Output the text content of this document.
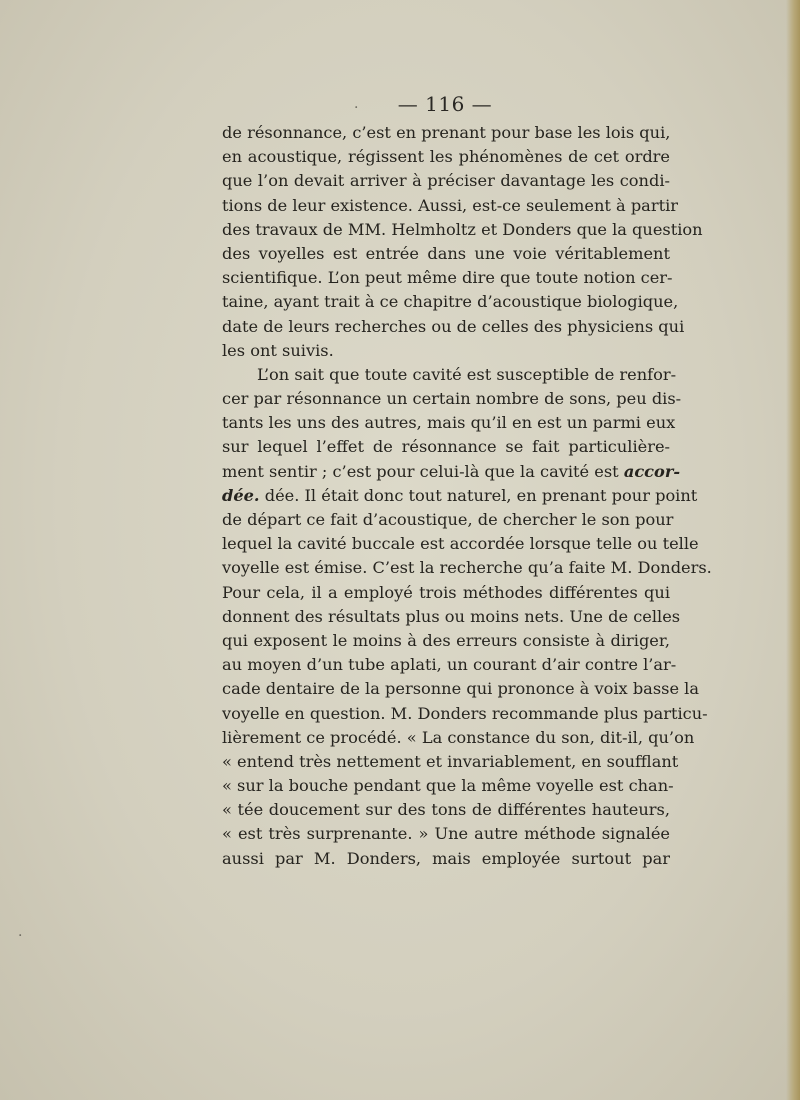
— 116 —
de résonnance, c’est en prenant pour base les lois qui,
en acoustique, régissent les phénomènes de cet ordre
que l’on devait arriver à préciser davantage les condi-
tions de leur existence. Aussi, est-ce seulement à partir
des travaux de MM. Helmholtz et Donders que la question
des voyelles est entrée dans une voie véritablement
scientifique. L’on peut même dire que toute notion cer-
taine, ayant trait à ce chapitre d’acoustique biologique,
date de leurs recherches ou de celles des physiciens qui
les ont suivis.
L’on sait que toute cavité est susceptible de renfor-
cer par résonnance un certain nombre de sons, peu dis-
tants les uns des autres, mais qu’il en est un parmi eux
sur lequel l’effet de résonnance se fait particulière-
ment sentir ; c’est pour celui-là que la cavité est accor-
dée. dée. Il était donc tout naturel, en prenant pour point
de départ ce fait d’acoustique, de chercher le son pour
lequel la cavité buccale est accordée lorsque telle ou telle
voyelle est émise. C’est la recherche qu’a faite M. Donders.
Pour cela, il a employé trois méthodes différentes qui
donnent des résultats plus ou moins nets. Une de celles
qui exposent le moins à des erreurs consiste à diriger,
au moyen d’un tube aplati, un courant d’air contre l’ar-
cade dentaire de la personne qui prononce à voix basse la
voyelle en question. M. Donders recommande plus particu-
lièrement ce procédé. « La constance du son, dit-il, qu’on
« entend très nettement et invariablement, en soufflant
« sur la bouche pendant que la même voyelle est chan-
« tée doucement sur des tons de différentes hauteurs,
« est très surprenante. » Une autre méthode signalée
aussi par M. Donders, mais employée surtout par
·
·
